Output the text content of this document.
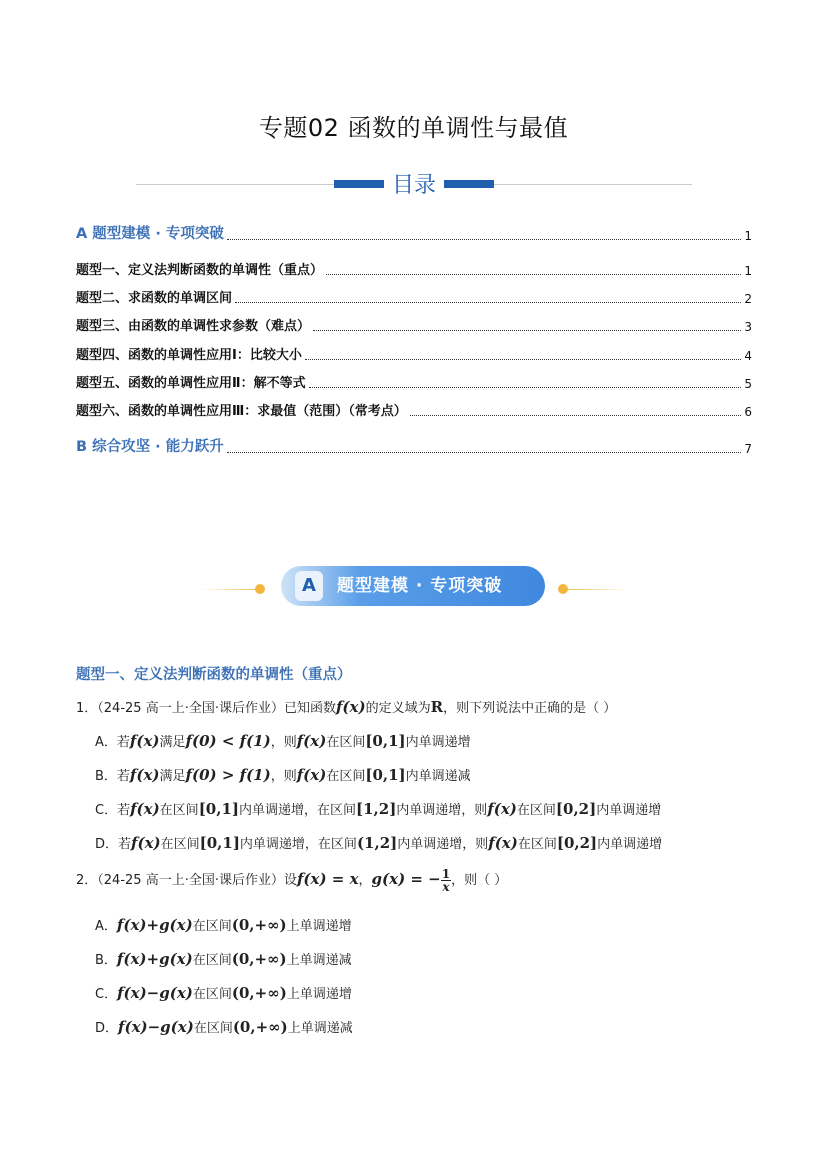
专题02 函数的单调性与最值
目录
A 题型建模 · 专项突破	1
题型一、定义法判断函数的单调性（重点）	1
题型二、求函数的单调区间	2
题型三、由函数的单调性求参数（难点）	3
题型四、函数的单调性应用Ⅰ：比较大小	4
题型五、函数的单调性应用Ⅱ：解不等式	5
题型六、函数的单调性应用Ⅲ：求最值（范围）（常考点）	6
B 综合攻坚 · 能力跃升	7
A	题型建模 · 专项突破
题型一、定义法判断函数的单调性（重点）
1．（24-25 高一上·全国·课后作业）已知函数f(x)的定义域为R，则下列说法中正确的是（ ）
A．若f(x)满足f(0) < f(1)，则f(x)在区间[0,1]内单调递增
B．若f(x)满足f(0) > f(1)，则f(x)在区间[0,1]内单调递减
C．若f(x)在区间[0,1]内单调递增，在区间[1,2]内单调递增，则f(x)在区间[0,2]内单调递增
D．若f(x)在区间[0,1]内单调递增，在区间(1,2]内单调递增，则f(x)在区间[0,2]内单调递增
2．（24-25 高一上·全国·课后作业）设f(x) = x，g(x) = − $\frac{1}{x}$ ，则（ ）
A．f(x)+g(x)在区间(0,+∞)上单调递增
B．f(x)+g(x)在区间(0,+∞)上单调递减
C．f(x)−g(x)在区间(0,+∞)上单调递增
D．f(x)−g(x)在区间(0,+∞)上单调递减
